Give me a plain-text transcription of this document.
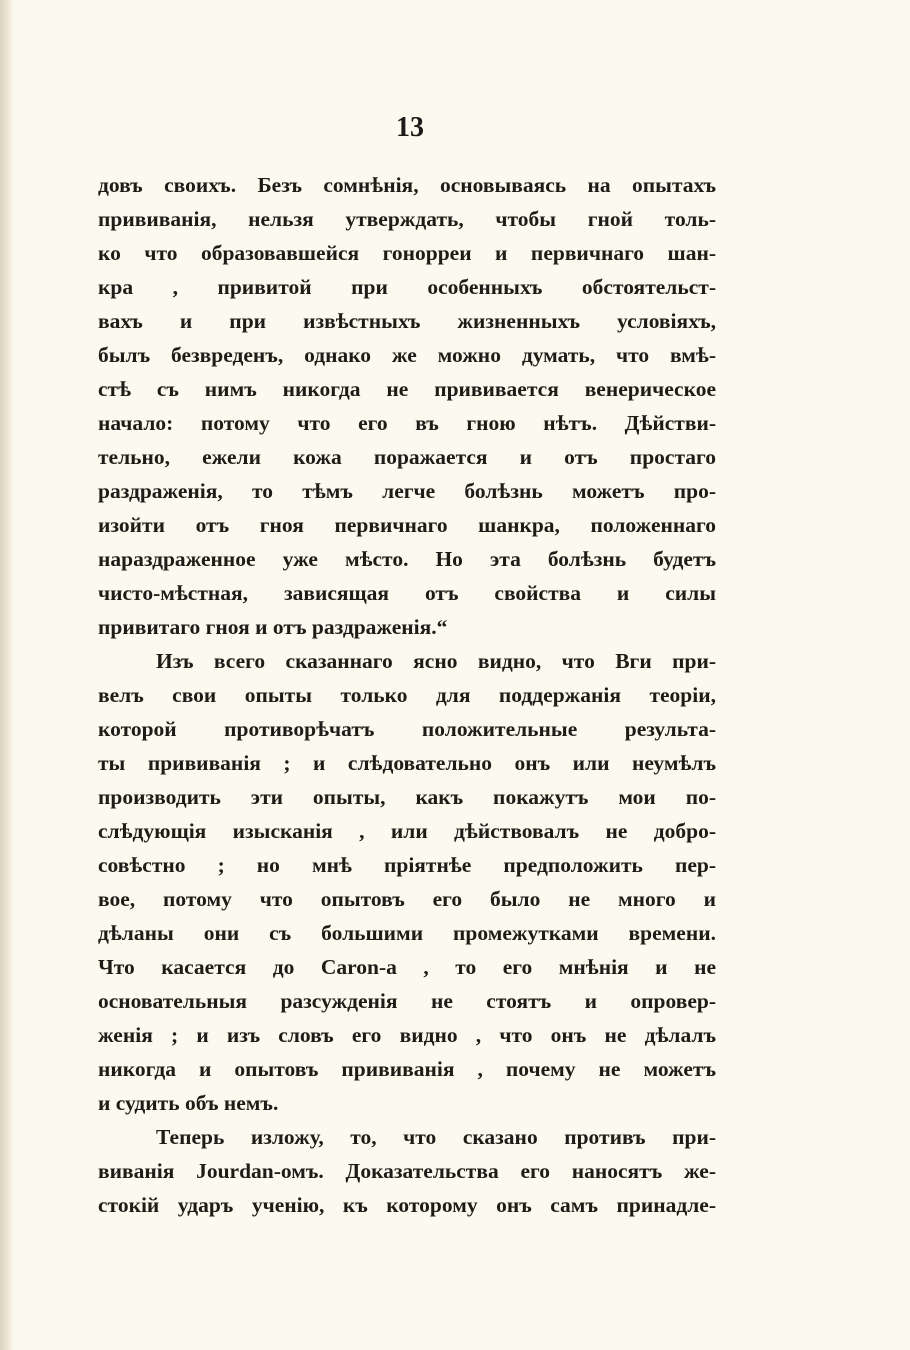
13
довъ своихъ. Безъ сомнѣнія, основываясь на опытахъ
прививанія, нельзя утверждать, чтобы гной толь-
ко что образовавшейся гонорреи и первичнаго шан-
кра , привитой при особенныхъ обстоятельст-
вахъ и при извѣстныхъ жизненныхъ условіяхъ,
былъ безвреденъ, однако же можно думать, что вмѣ-
стѣ съ нимъ никогда не прививается венерическое
начало: потому что его въ гною нѣтъ. Дѣйстви-
тельно, ежели кожа поражается и отъ простаго
раздраженія, то тѣмъ легче болѣзнь можетъ про-
изойти отъ гноя первичнаго шанкра, положеннаго
нараздраженное уже мѣсто. Но эта болѣзнь будетъ
чисто-мѣстная, зависящая отъ свойства и силы
привитаго гноя и отъ раздраженія.“
Изъ всего сказаннаго ясно видно, что Вги при-
велъ свои опыты только для поддержанія теоріи,
которой противорѣчатъ положительные результа-
ты прививанія ; и слѣдовательно онъ или неумѣлъ
производить эти опыты, какъ покажутъ мои по-
слѣдующія изысканія , или дѣйствовалъ не добро-
совѣстно ; но мнѣ пріятнѣе предположить пер-
вое, потому что опытовъ его было не много и
дѣланы они съ большими промежутками времени.
Что касается до Caron-a , то его мнѣнія и не
основательныя разсужденія не стоятъ и опровер-
женія ; и изъ словъ его видно , что онъ не дѣлалъ
никогда и опытовъ прививанія , почему не можетъ
и судить объ немъ.
Теперь изложу, то, что сказано противъ при-
виванія Jourdan-омъ. Доказательства его наносятъ же-
стокій ударъ ученію, къ которому онъ самъ принадле-
